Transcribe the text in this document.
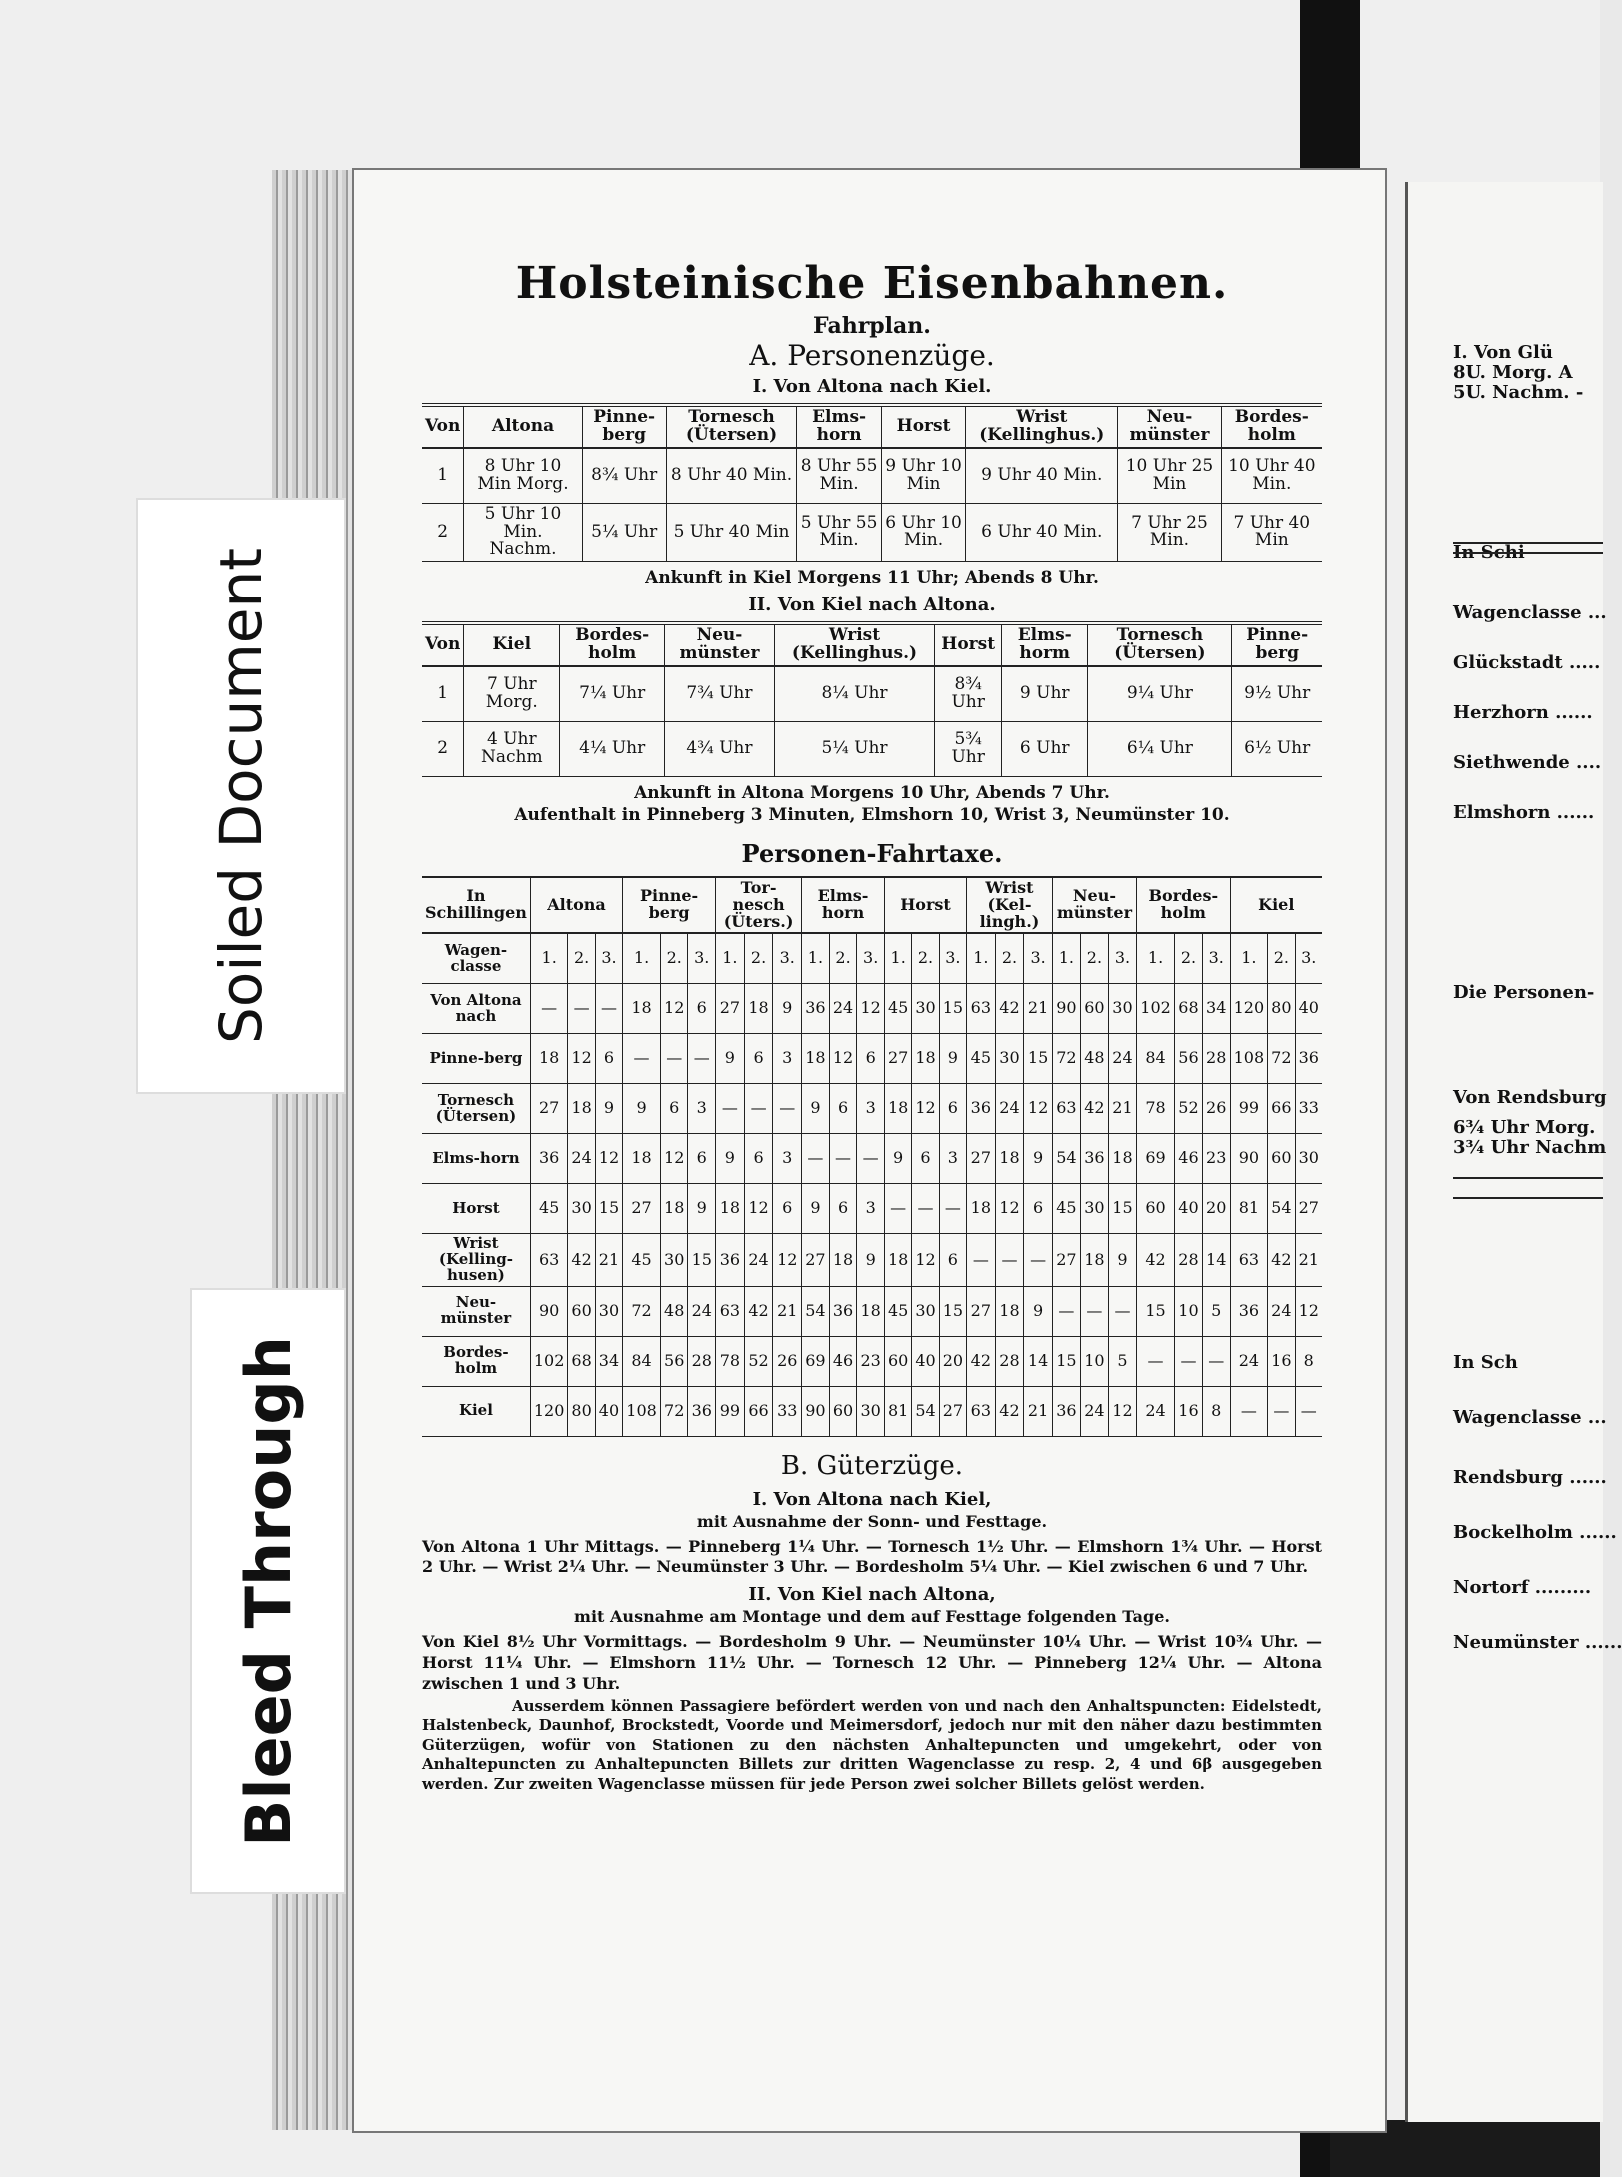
I. Von Glü
8U. Morg. A
5U. Nachm. -
In Schi
Wagenclasse ...
Glückstadt .....
Herzhorn ......
Siethwende ....
Elmshorn ......
Die Personen-
Von Rendsburg
6¾ Uhr Morg.
3¾ Uhr Nachm
In Sch
Wagenclasse ...
Rendsburg ......
Bockelholm ......
Nortorf .........
Neumünster ......
Holsteinische Eisenbahnen.

Fahrplan.

A. Personenzüge.

I. Von Altona nach Kiel.

Von	Altona	Pinne-berg	Tornesch (Ütersen)	Elms-horn	Horst	Wrist (Kellinghus.)	Neu-münster	Bordes-holm
1	8 Uhr 10 Min Morg.	8¾ Uhr	8 Uhr 40 Min.	8 Uhr 55 Min.	9 Uhr 10 Min	9 Uhr 40 Min.	10 Uhr 25 Min	10 Uhr 40 Min.
2	5 Uhr 10 Min. Nachm.	5¼ Uhr	5 Uhr 40 Min	5 Uhr 55 Min.	6 Uhr 10 Min.	6 Uhr 40 Min.	7 Uhr 25 Min.	7 Uhr 40 Min

Ankunft in Kiel Morgens 11 Uhr; Abends 8 Uhr.

II. Von Kiel nach Altona.

Von	Kiel	Bordes-holm	Neu-münster	Wrist (Kellinghus.)	Horst	Elms-horm	Tornesch (Ütersen)	Pinne-berg
1	7 Uhr Morg.	7¼ Uhr	7¾ Uhr	8¼ Uhr	8¾ Uhr	9 Uhr	9¼ Uhr	9½ Uhr
2	4 Uhr Nachm	4¼ Uhr	4¾ Uhr	5¼ Uhr	5¾ Uhr	6 Uhr	6¼ Uhr	6½ Uhr

Ankunft in Altona Morgens 10 Uhr, Abends 7 Uhr.

Aufenthalt in Pinneberg 3 Minuten, Elmshorn 10, Wrist 3, Neumünster 10.

Personen-Fahrtaxe.

In Schillingen	Altona			Pinne-berg			Tor-nesch (Üters.)			Elms-horn			Horst			Wrist (Kel-lingh.)			Neu-münster			Bordes-holm			Kiel		
Wagen-classe	1.	2.	3.	1.	2.	3.	1.	2.	3.	1.	2.	3.	1.	2.	3.	1.	2.	3.	1.	2.	3.	1.	2.	3.	1.	2.	3.
Von Altona nach	—	—	—	18	12	6	27	18	9	36	24	12	45	30	15	63	42	21	90	60	30	102	68	34	120	80	40
Pinne-berg	18	12	6	—	—	—	9	6	3	18	12	6	27	18	9	45	30	15	72	48	24	84	56	28	108	72	36
Tornesch (Ütersen)	27	18	9	9	6	3	—	—	—	9	6	3	18	12	6	36	24	12	63	42	21	78	52	26	99	66	33
Elms-horn	36	24	12	18	12	6	9	6	3	—	—	—	9	6	3	27	18	9	54	36	18	69	46	23	90	60	30
Horst	45	30	15	27	18	9	18	12	6	9	6	3	—	—	—	18	12	6	45	30	15	60	40	20	81	54	27
Wrist (Kelling-husen)	63	42	21	45	30	15	36	24	12	27	18	9	18	12	6	—	—	—	27	18	9	42	28	14	63	42	21
Neu-münster	90	60	30	72	48	24	63	42	21	54	36	18	45	30	15	27	18	9	—	—	—	15	10	5	36	24	12
Bordes-holm	102	68	34	84	56	28	78	52	26	69	46	23	60	40	20	42	28	14	15	10	5	—	—	—	24	16	8
Kiel	120	80	40	108	72	36	99	66	33	90	60	30	81	54	27	63	42	21	36	24	12	24	16	8	—	—	—

B. Güterzüge.

I. Von Altona nach Kiel,

mit Ausnahme der Sonn- und Festtage.

Von Altona 1 Uhr Mittags. — Pinneberg 1¼ Uhr. — Tornesch 1½ Uhr. — Elmshorn 1¾ Uhr. — Horst 2 Uhr. — Wrist 2¼ Uhr. — Neumünster 3 Uhr. — Bordesholm 5¼ Uhr. — Kiel zwischen 6 und 7 Uhr.

II. Von Kiel nach Altona,

mit Ausnahme am Montage und dem auf Festtage folgenden Tage.

Von Kiel 8½ Uhr Vormittags. — Bordesholm 9 Uhr. — Neumünster 10¼ Uhr. — Wrist 10¾ Uhr. — Horst 11¼ Uhr. — Elmshorn 11½ Uhr. — Tornesch 12 Uhr. — Pinneberg 12¼ Uhr. — Altona zwischen 1 und 3 Uhr.

Ausserdem können Passagiere befördert werden von und nach den Anhaltspuncten: Eidelstedt, Halstenbeck, Daunhof, Brockstedt, Voorde und Meimersdorf, jedoch nur mit den näher dazu bestimmten Güterzügen, wofür von Stationen zu den nächsten Anhaltepuncten und umgekehrt, oder von Anhaltepuncten zu Anhaltepuncten Billets zur dritten Wagenclasse zu resp. 2, 4 und 6β ausgegeben werden. Zur zweiten Wagenclasse müssen für jede Person zwei solcher Billets gelöst werden.

Soiled Document
Bleed Through
